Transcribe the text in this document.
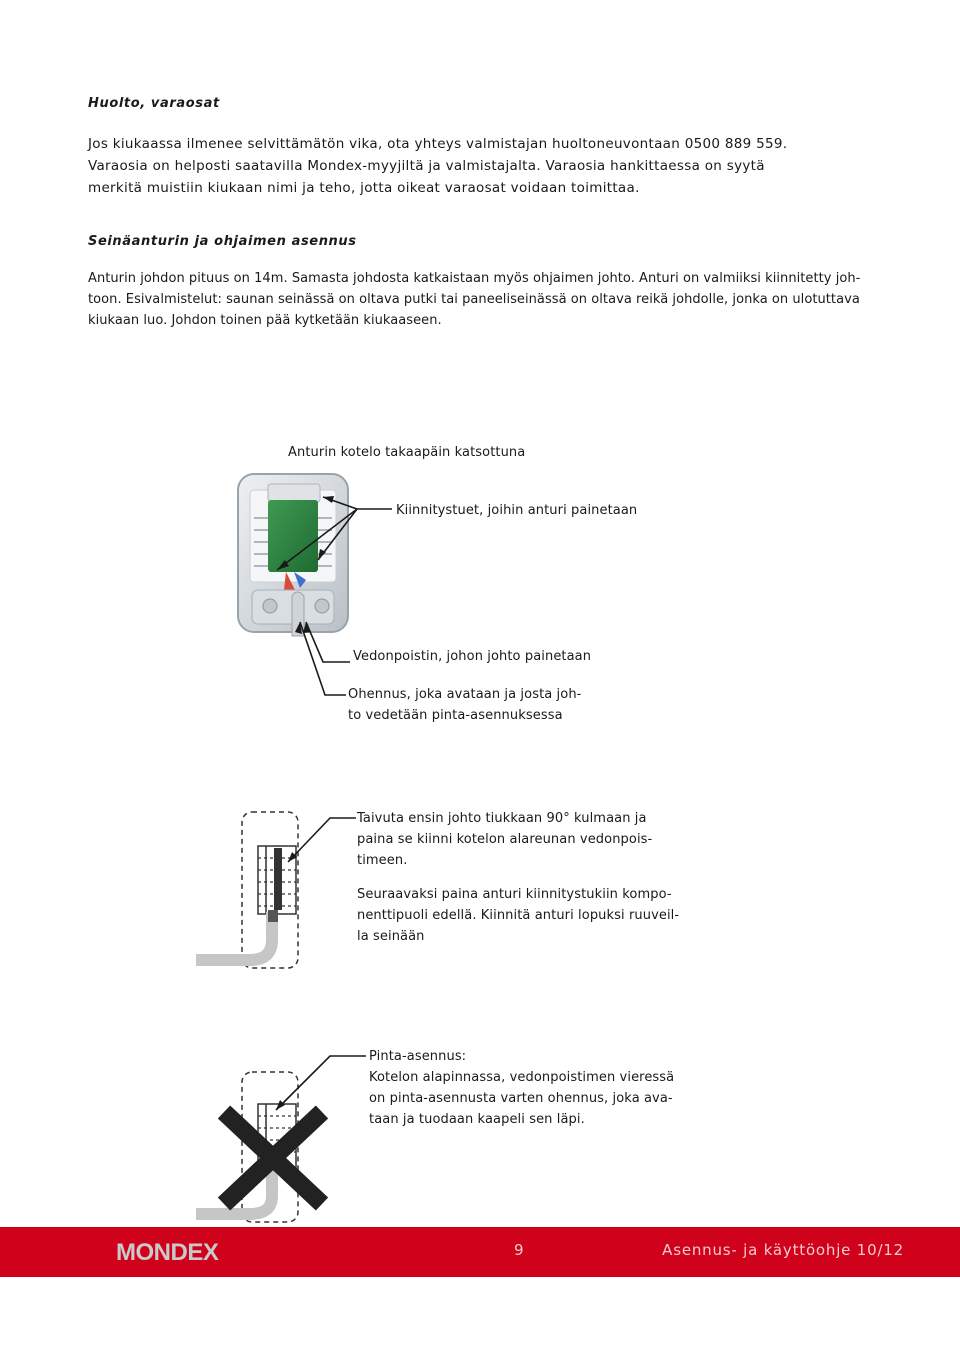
Huolto, varaosat

Jos kiukaassa ilmenee selvittämätön vika, ota yhteys valmistajan huoltoneuvontaan 0500 889 559.

Varaosia on helposti saatavilla Mondex-myyjiltä ja valmistajalta. Varaosia hankittaessa on syytä

merkitä muistiin kiukaan nimi ja teho, jotta oikeat varaosat voidaan toimittaa.

Seinäanturin ja ohjaimen asennus

Anturin johdon pituus on 14m. Samasta johdosta katkaistaan myös ohjaimen johto. Anturi on valmiiksi kiinnitetty joh-

toon. Esivalmistelut: saunan seinässä on oltava putki tai paneeliseinässä on oltava reikä johdolle, jonka on ulotuttava

kiukaan luo. Johdon toinen pää kytketään kiukaaseen.

Anturin kotelo takaapäin katsottuna
Kiinnitystuet, joihin anturi painetaan
Vedonpoistin, johon johto painetaan
Ohennus, joka avataan ja josta joh-
to vedetään pinta-asennuksessa
Taivuta ensin johto tiukkaan 90° kulmaan ja
paina se kiinni kotelon alareunan vedonpois-
timeen.
Seuraavaksi paina anturi kiinnitystukiin kompo-
nenttipuoli edellä. Kiinnitä anturi lopuksi ruuveil-
la seinään
Pinta-asennus:
Kotelon alapinnassa, vedonpoistimen vieressä
on pinta-asennusta varten ohennus, joka ava-
taan ja tuodaan kaapeli sen läpi.
MONDEX	9	Asennus- ja käyttöohje 10/12
